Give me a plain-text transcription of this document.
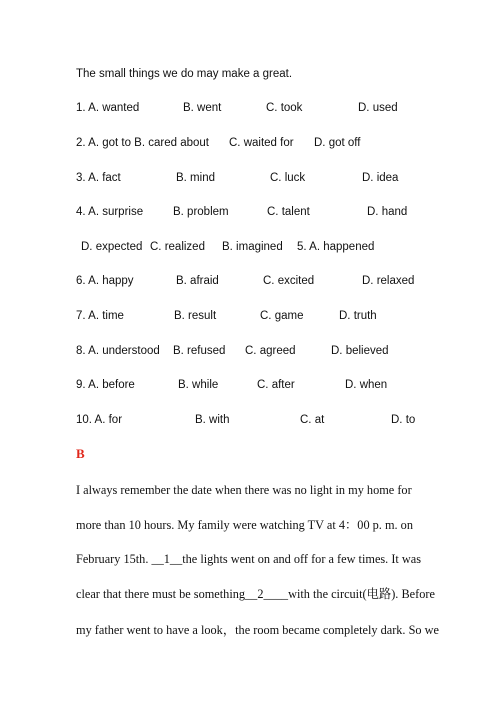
The small things we do may make a great.
1. A. wanted	B. went	C. took	D. used
2. A. got to B. cared about C. waited for D. got off
3. A. fact	B. mind	C. luck	D. idea
4. A. surprise	B. problem	C. talent	D. hand
D. expected C. realized B. imagined 5. A. happened
6. A. happy	B. afraid	C. excited	D. relaxed
7. A. time	B. result	C. game	D. truth
8. A. understood B. refused C. agreed	D. believed
9. A. before	B. while	C. after	D. when
10. A. for	B. with	C. at	D. to
B
I always remember the date when there was no light in my home for
more than 10 hours. My family were watching TV at 4：00 p. m. on
February 15th. __1__the lights went on and off for a few times. It was
clear that there must be something__2____with the circuit(电路). Before
my father went to have a look，the room became completely dark. So we
